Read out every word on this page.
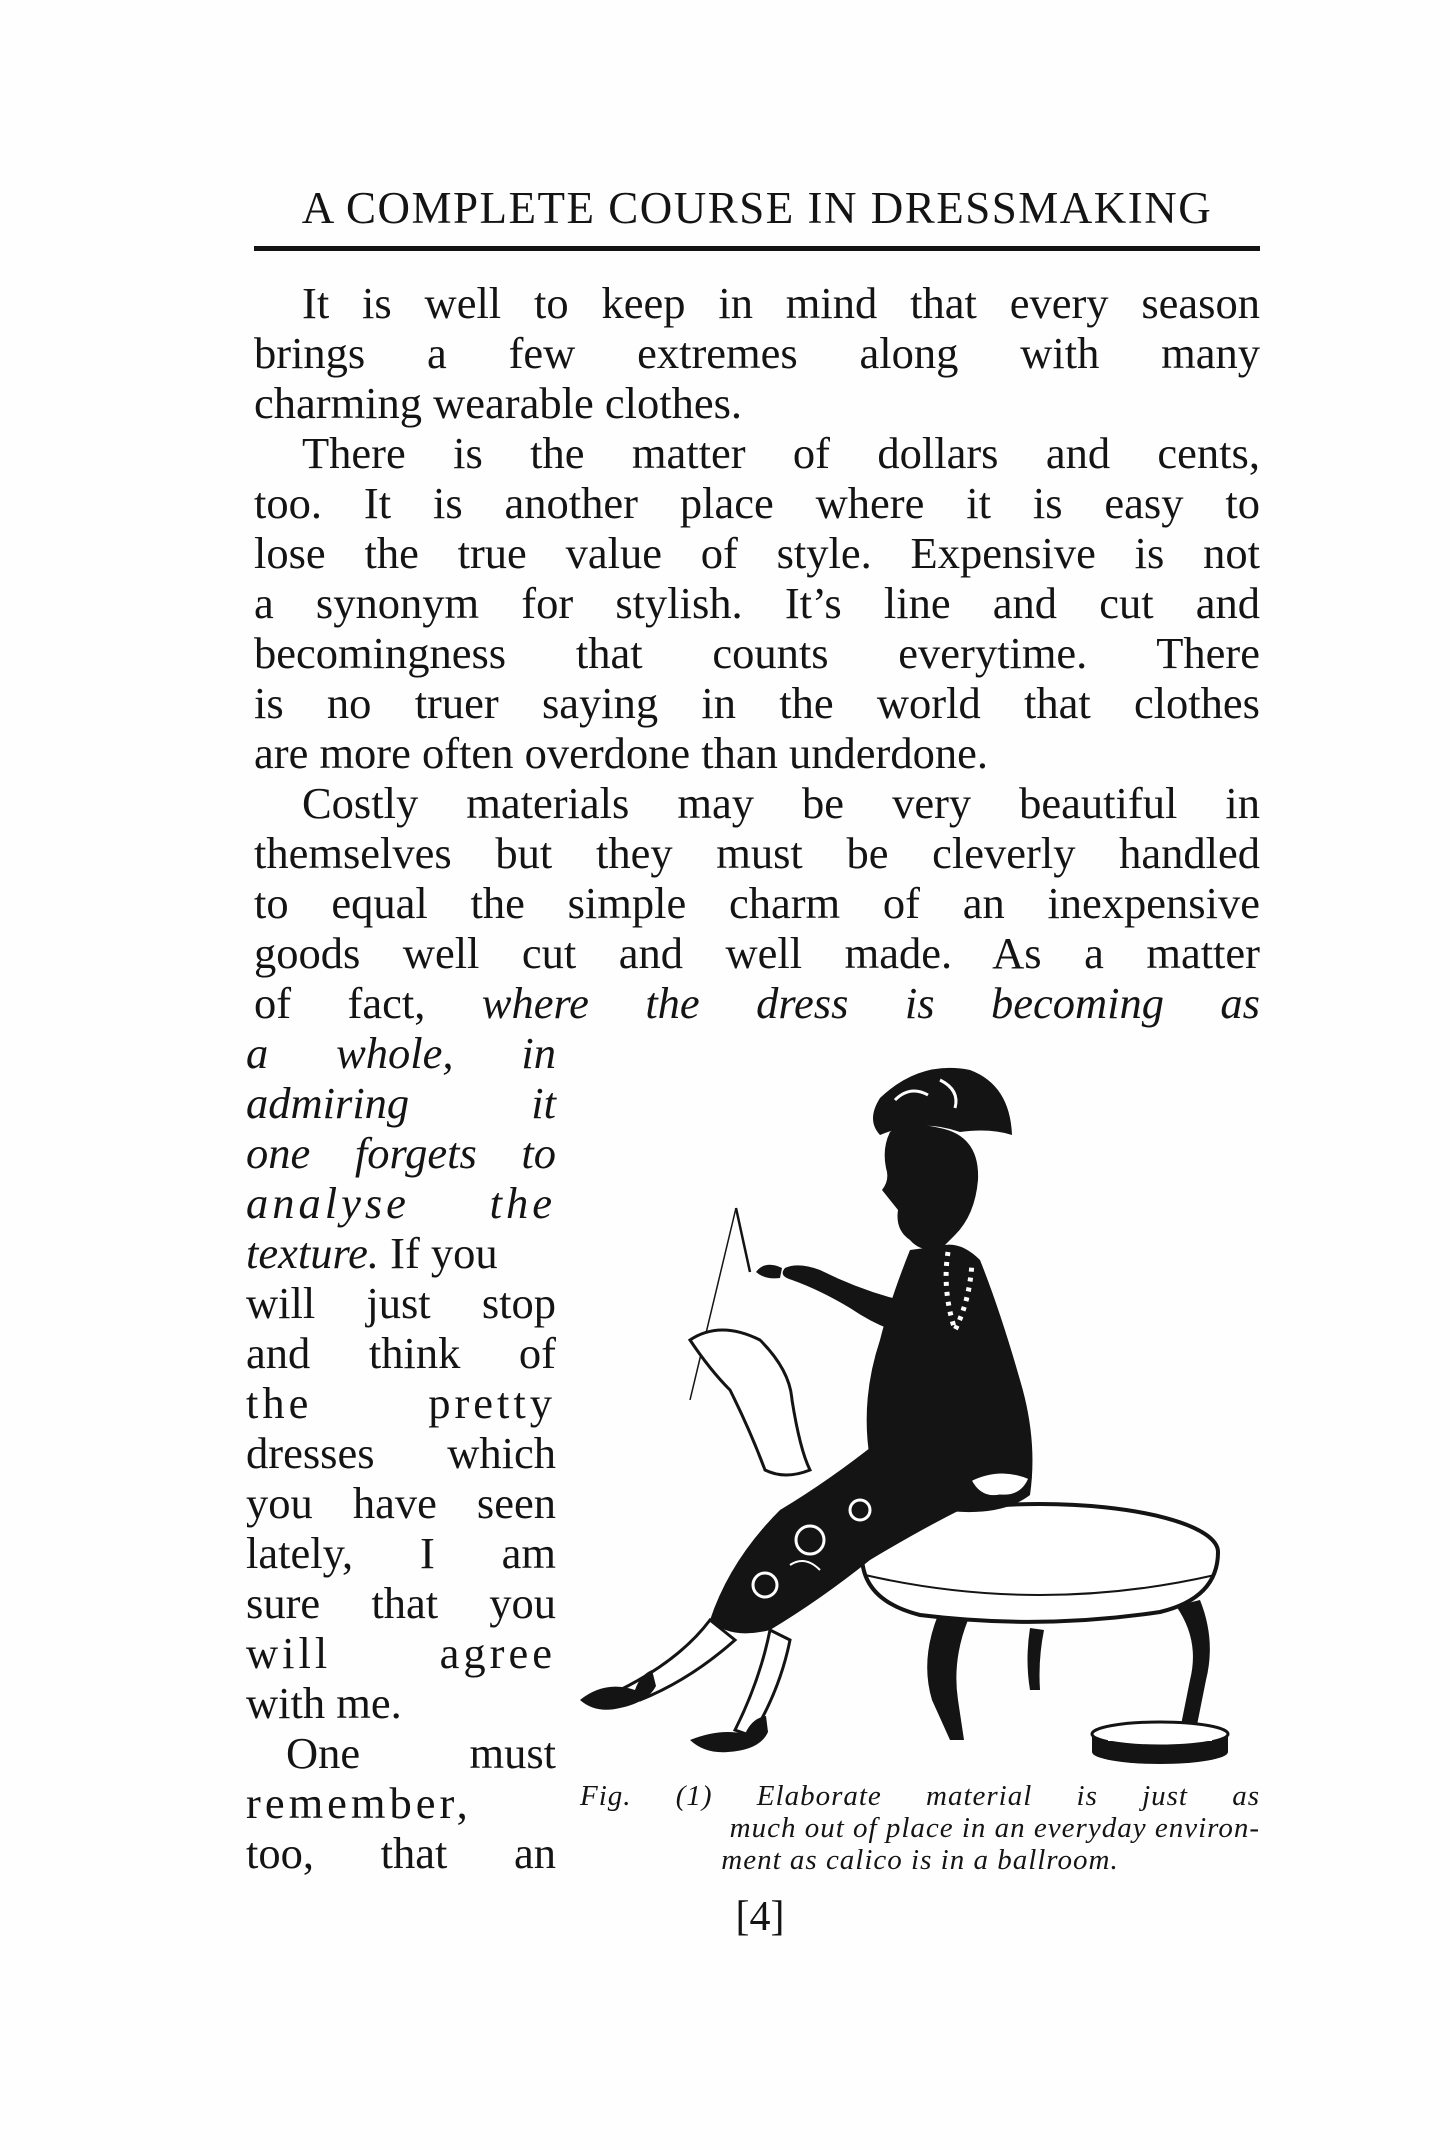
A COMPLETE COURSE IN DRESSMAKING
It is well to keep in mind that every season
brings a few extremes along with many
charming wearable clothes.
There is the matter of dollars and cents,
too. It is another place where it is easy to
lose the true value of style. Expensive is not
a synonym for stylish. It’s line and cut and
becomingness that counts everytime. There
is no truer saying in the world that clothes
are more often overdone than underdone.
Costly materials may be very beautiful in
themselves but they must be cleverly handled
to equal the simple charm of an inexpensive
goods well cut and well made. As a matter
of fact, where the dress is becoming as
a whole, in
admiring it
one forgets to
analyse the
texture. If you
will just stop
and think of
the pretty
dresses which
you have seen
lately, I am
sure that you
will agree
with me.
One must
remember,
too, that an
Fig. (1) Elaborate material is just as
much out of place in an everyday environ-
ment as calico is in a ballroom.
[4]
